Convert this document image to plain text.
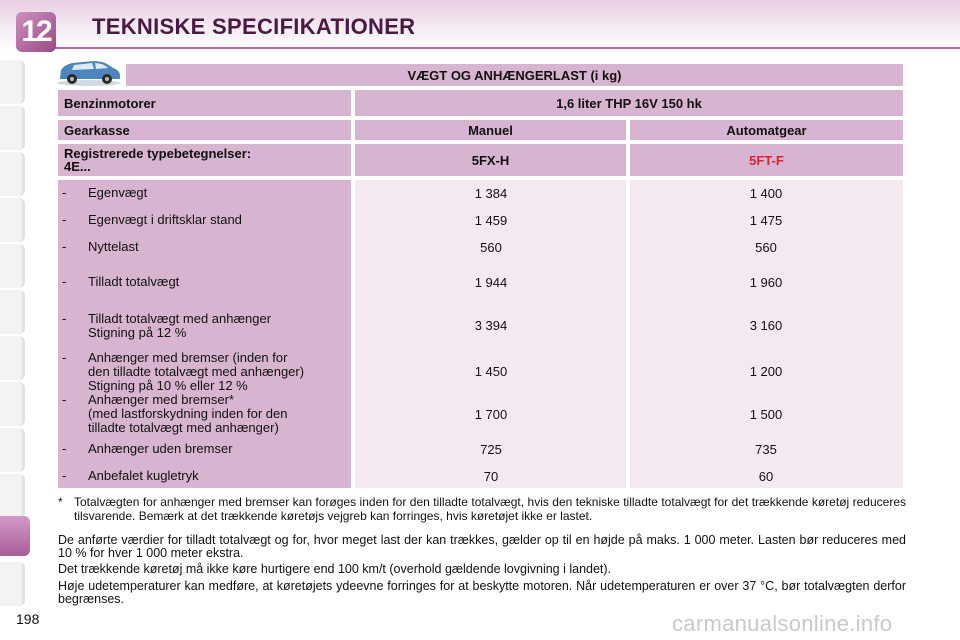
12 TEKNISKE SPECIFIKATIONER
VÆGT OG ANHÆNGERLAST (i kg)
Benzinmotorer	1,6 liter THP 16V 150 hk
Gearkasse	Manuel	Automatgear
Registrerede typebetegnelser:
4E...	5FX-H	5FT-F
- Egenvægt	1 384	1 400
- Egenvægt i driftsklar stand	1 459	1 475
- Nyttelast	560	560
- Tilladt totalvægt	1 944	1 960
- Tilladt totalvægt med anhænger
Stigning på 12 %	3 394	3 160
- Anhænger med bremser (inden for
den tilladte totalvægt med anhænger)
Stigning på 10 % eller 12 %
1 450	1 200
- Anhænger med bremser*
(med lastforskydning inden for den
tilladte totalvægt med anhænger)
1 700	1 500
- Anhænger uden bremser	725	735
- Anbefalet kugletryk	70	60
* Totalvægten for anhænger med bremser kan forøges inden for den tilladte totalvægt, hvis den tekniske tilladte totalvægt for det trækkende køretøj reduceres tilsvarende. Bemærk at det trækkende køretøjs vejgreb kan forringes, hvis køretøjet ikke er lastet.
De anførte værdier for tilladt totalvægt og for, hvor meget last der kan trækkes, gælder op til en højde på maks. 1 000 meter. Lasten bør reduceres med 10 % for hver 1 000 meter ekstra.
Det trækkende køretøj må ikke køre hurtigere end 100 km/t (overhold gældende lovgivning i landet).
Høje udetemperaturer kan medføre, at køretøjets ydeevne forringes for at beskytte motoren. Når udetemperaturen er over 37 °C, bør totalvægten derfor begrænses.
198	carmanualsonline.info
